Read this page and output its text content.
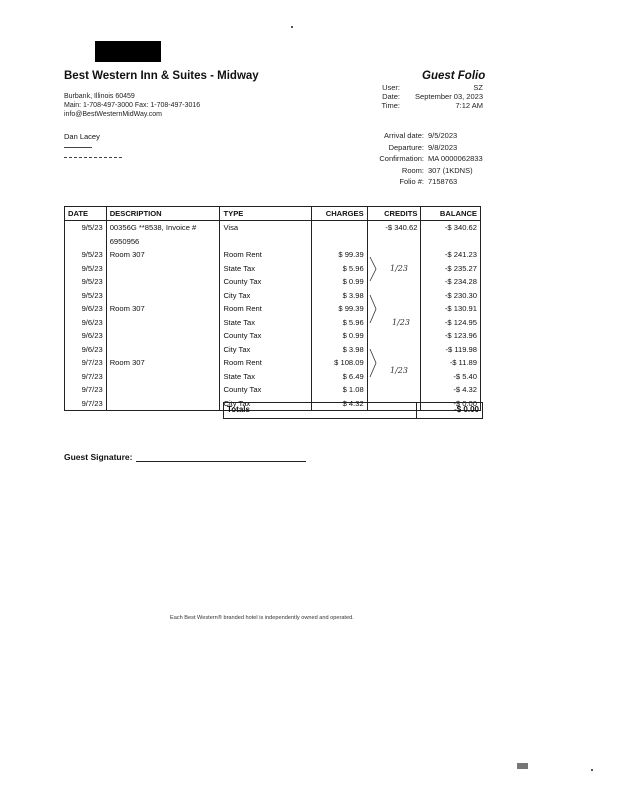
Best Western Inn & Suites - Midway	Guest Folio
Burbank, Illinois 60459
Main: 1-708-497-3000 Fax: 1-708-497-3016
info@BestWesternMidWay.com
User:	SZ
Date:	September 03, 2023
Time:	7:12 AM
Dan Lacey	Arrival date: 9/5/2023
Departure: 9/8/2023
Confirmation: MA 0000062833
Room: 307 (1KDNS)
Folio #: 7158763
DATE	DESCRIPTION	TYPE	CHARGES	CREDITS	BALANCE
9/5/23	00356G **8538, Invoice #	Visa		-$ 340.62	-$ 340.62
	6950956				
9/5/23	Room 307	Room Rent	$ 99.39		-$ 241.23
9/5/23		State Tax	$ 5.96		-$ 235.27
9/5/23		County Tax	$ 0.99		-$ 234.28
9/5/23		City Tax	$ 3.98		-$ 230.30
9/6/23	Room 307	Room Rent	$ 99.39		-$ 130.91
9/6/23		State Tax	$ 5.96		-$ 124.95
9/6/23		County Tax	$ 0.99		-$ 123.96
9/6/23		City Tax	$ 3.98		-$ 119.98
9/7/23	Room 307	Room Rent	$ 108.09		-$ 11.89
9/7/23		State Tax	$ 6.49		-$ 5.40
9/7/23		County Tax	$ 1.08		-$ 4.32
9/7/23		City Tax	$ 4.32		-$ 0.00
1/23
1/23
1/23
Totals	-$ 0.00
Guest Signature:
Each Best Western® branded hotel is independently owned and operated.
